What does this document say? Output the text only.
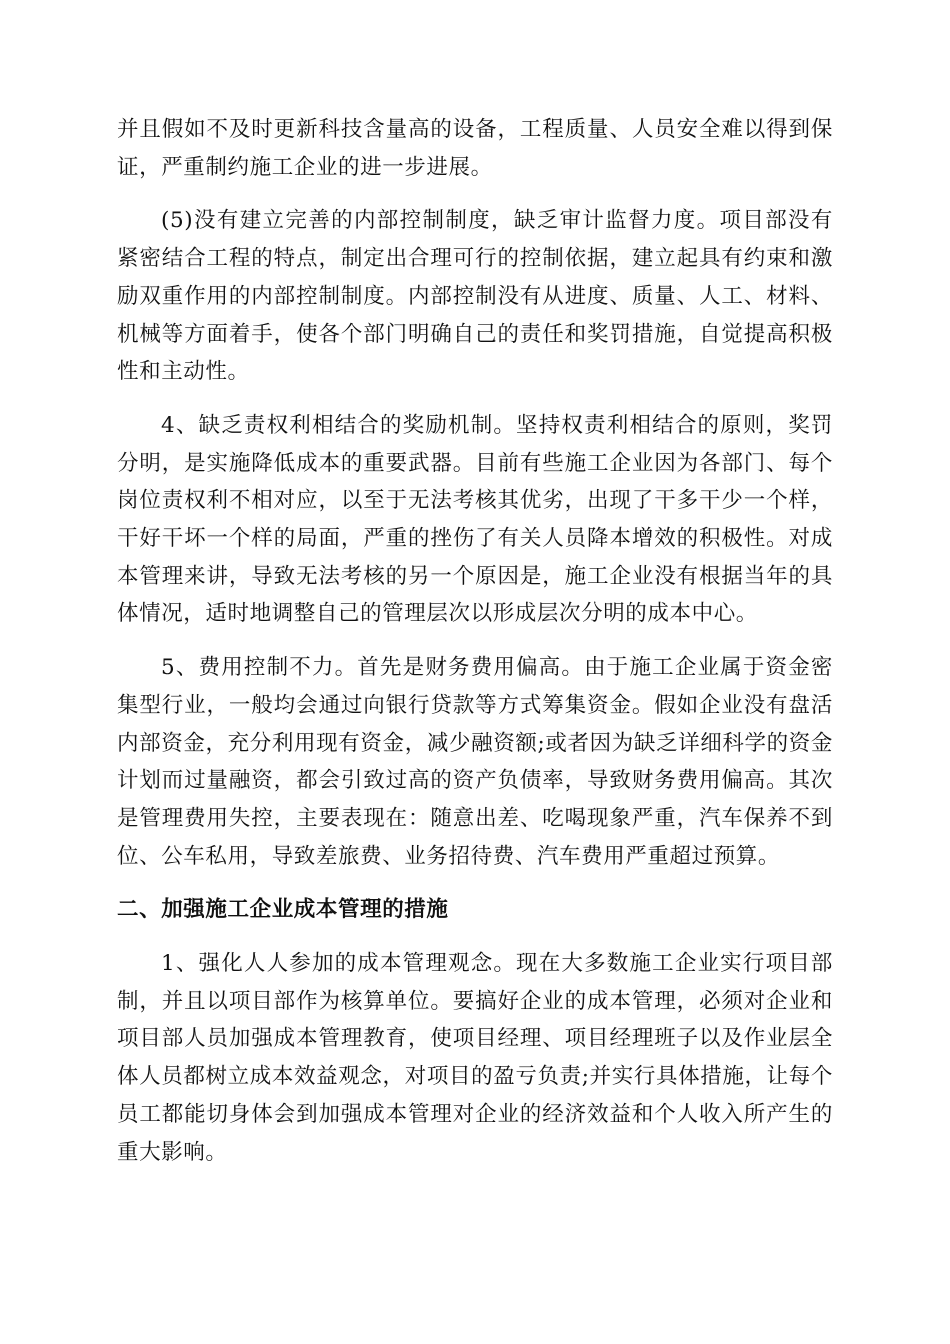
并且假如不及时更新科技含量高的设备，工程质量、人员安全难以得到保证，严重制约施工企业的进一步进展。

(5)没有建立完善的内部控制制度，缺乏审计监督力度。项目部没有紧密结合工程的特点，制定出合理可行的控制依据，建立起具有约束和激励双重作用的内部控制制度。内部控制没有从进度、质量、人工、材料、机械等方面着手，使各个部门明确自己的责任和奖罚措施，自觉提高积极性和主动性。

4、缺乏责权利相结合的奖励机制。坚持权责利相结合的原则，奖罚分明，是实施降低成本的重要武器。目前有些施工企业因为各部门、每个岗位责权利不相对应，以至于无法考核其优劣，出现了干多干少一个样，干好干坏一个样的局面，严重的挫伤了有关人员降本增效的积极性。对成本管理来讲，导致无法考核的另一个原因是，施工企业没有根据当年的具体情况，适时地调整自己的管理层次以形成层次分明的成本中心。

5、费用控制不力。首先是财务费用偏高。由于施工企业属于资金密集型行业，一般均会通过向银行贷款等方式筹集资金。假如企业没有盘活内部资金，充分利用现有资金，减少融资额;或者因为缺乏详细科学的资金计划而过量融资，都会引致过高的资产负债率，导致财务费用偏高。其次是管理费用失控，主要表现在：随意出差、吃喝现象严重，汽车保养不到位、公车私用，导致差旅费、业务招待费、汽车费用严重超过预算。

二、加强施工企业成本管理的措施

1、强化人人参加的成本管理观念。现在大多数施工企业实行项目部制，并且以项目部作为核算单位。要搞好企业的成本管理，必须对企业和项目部人员加强成本管理教育，使项目经理、项目经理班子以及作业层全体人员都树立成本效益观念，对项目的盈亏负责;并实行具体措施，让每个员工都能切身体会到加强成本管理对企业的经济效益和个人收入所产生的重大影响。
